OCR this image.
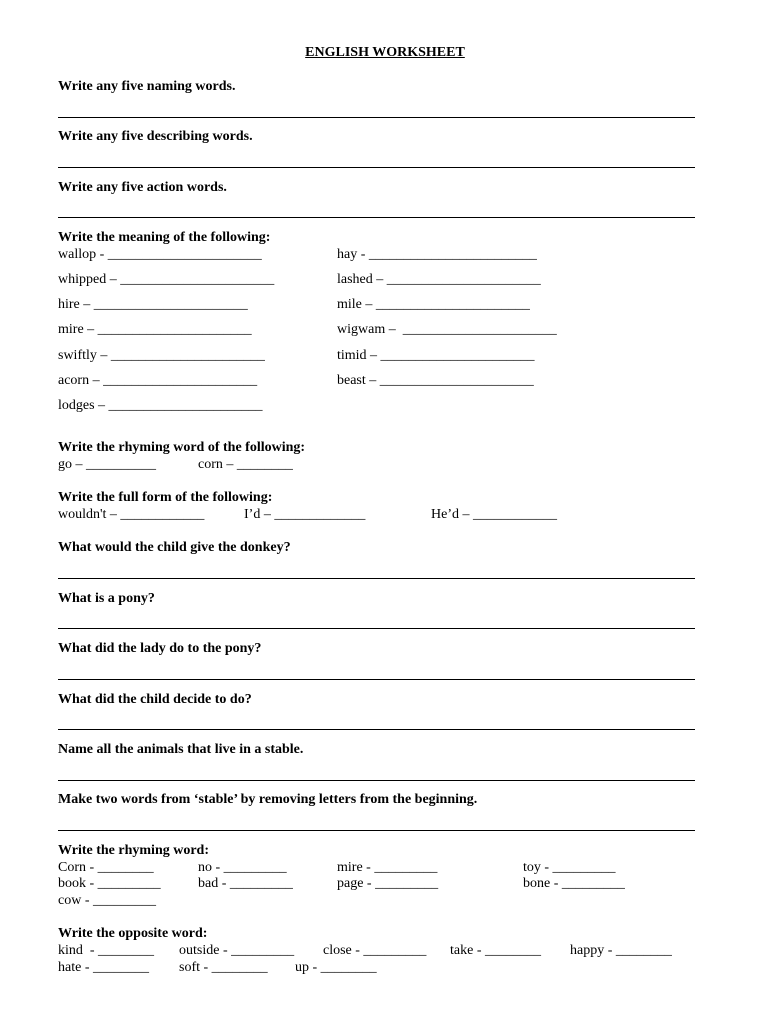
ENGLISH WORKSHEET
Write any five naming words.
Write any five describing words.
Write any five action words.
Write the meaning of the following:
wallop - ______________________	hay - ________________________
whipped – ______________________	lashed – ______________________
hire – ______________________	mile – ______________________
mire – ______________________	wigwam –  ______________________
swiftly – ______________________	timid – ______________________
acorn – ______________________	beast – ______________________
lodges – ______________________
Write the rhyming word of the following:
go – __________	corn – ________
Write the full form of the following:
wouldn't – ____________	I’d – _____________	He’d – ____________
What would the child give the donkey?
What is a pony?
What did the lady do to the pony?
What did the child decide to do?
Name all the animals that live in a stable.
Make two words from ‘stable’ by removing letters from the beginning.
Write the rhyming word:
Corn - ________	no - _________	mire - _________	toy - _________
book - _________	bad - _________	page - _________	bone - _________
cow - _________
Write the opposite word:
kind  - ________ outside - _________ close - _________ take - ________ happy - ________
hate - ________ soft - ________ up - ________
